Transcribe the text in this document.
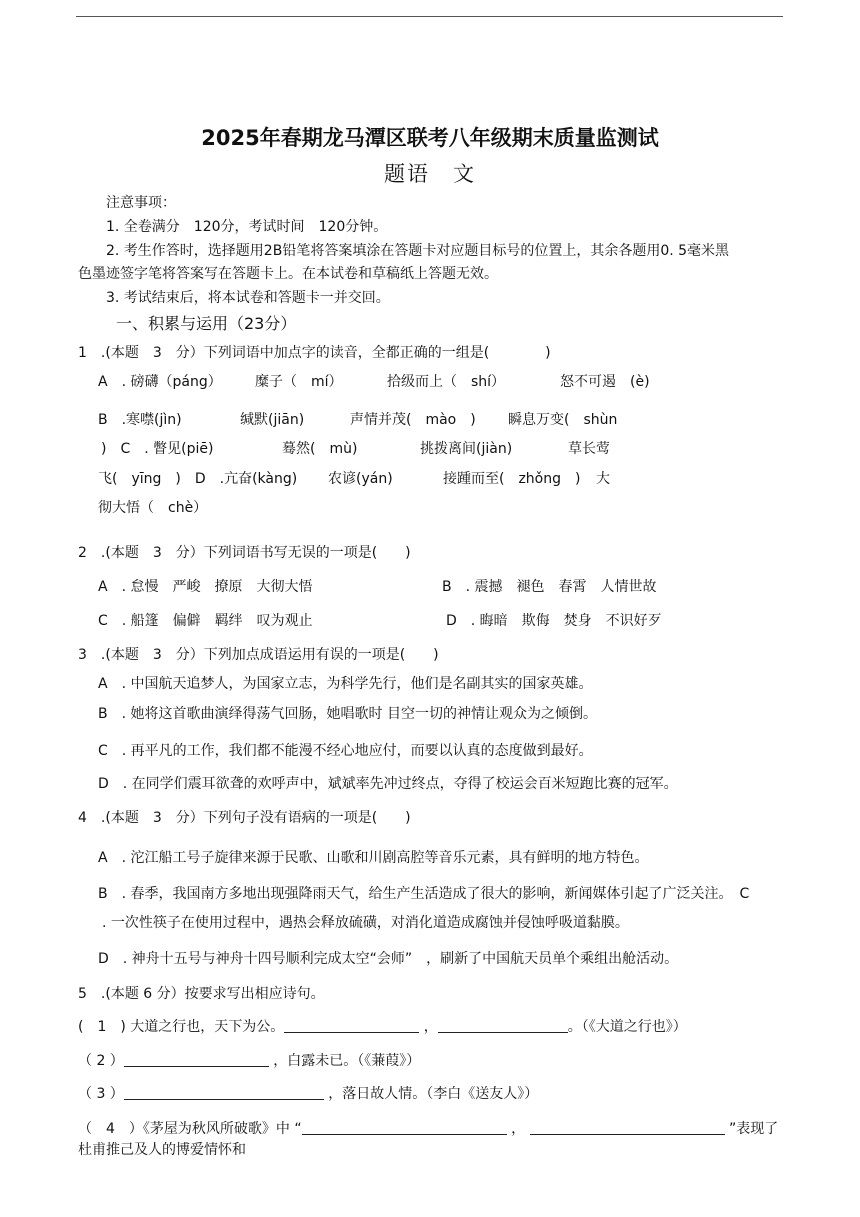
2025年春期龙马潭区联考八年级期末质量监测试
题语　文
注意事项：
1. 全卷满分　120分，考试时间　120分钟。
2. 考生作答时，选择题用2B铅笔将答案填涂在答题卡对应题目标号的位置上，其余各题用0. 5毫米黑
色墨迹签字笔将答案写在答题卡上。在本试卷和草稿纸上答题无效。
3. 考试结束后，将本试卷和答题卡一并交回。
一、积累与运用（23分）
1　.(本题　3　分）下列词语中加点字的读音，全都正确的一组是(　　　　)
A　. 磅礴（páng） 糜子（　mí）	拾级而上（　shí）	怒不可遏　(è)
B　.寒噤(jìn)	缄默(jiān)	声情并茂(　mào　) 瞬息万变(　shùn
)　C　. 瞥见(piē)	蓦然(　mù)	挑拨离间(jiàn)	草长莺
飞(　yīng　)　D　.亢奋(kàng) 农谚(yán)	接踵而至(　zhǒng　) 大
彻大悟（　chè）
2　.(本题　3　分）下列词语书写无误的一项是(　　)
A　. 怠慢　严峻　撩原　大彻大悟	B　. 震撼　褪色　春霄　人情世故
C　. 船篷　偏僻　羁绊　叹为观止	D　. 晦暗　欺侮　焚身　不识好歹
3　.(本题　3　分）下列加点成语运用有误的一项是(　　)
A　. 中国航天追梦人，为国家立志，为科学先行，他们是名副其实的国家英雄。
B　. 她将这首歌曲演绎得荡气回肠，她唱歌时 目空一切的神情让观众为之倾倒。
C　. 再平凡的工作，我们都不能漫不经心地应付，而要以认真的态度做到最好。
D　. 在同学们震耳欲聋的欢呼声中，斌斌率先冲过终点，夺得了校运会百米短跑比赛的冠军。
4　.(本题　3　分）下列句子没有语病的一项是(　　)
A　. 沱江船工号子旋律来源于民歌、山歌和川剧高腔等音乐元素，具有鲜明的地方特色。
B　. 春季，我国南方多地出现强降雨天气，给生产生活造成了很大的影响，新闻媒体引起了广泛关注。　C
. 一次性筷子在使用过程中，遇热会释放硫磺，对消化道造成腐蚀并侵蚀呼吸道黏膜。
D　. 神舟十五号与神舟十四号顺利完成太空“会师”　，刷新了中国航天员单个乘组出舱活动。
5　.(本题 6 分）按要求写出相应诗句。
(　1　) 大道之行也，天下为公。	，	。（《大道之行也》）
（ 2 ）	，白露未已。（《蒹葭》）
（ 3 ）	，落日故人情。（李白《送友人》）
（　4　）《茅屋为秋风所破歌》中 “	，	”表现了
杜甫推己及人的博爱情怀和
